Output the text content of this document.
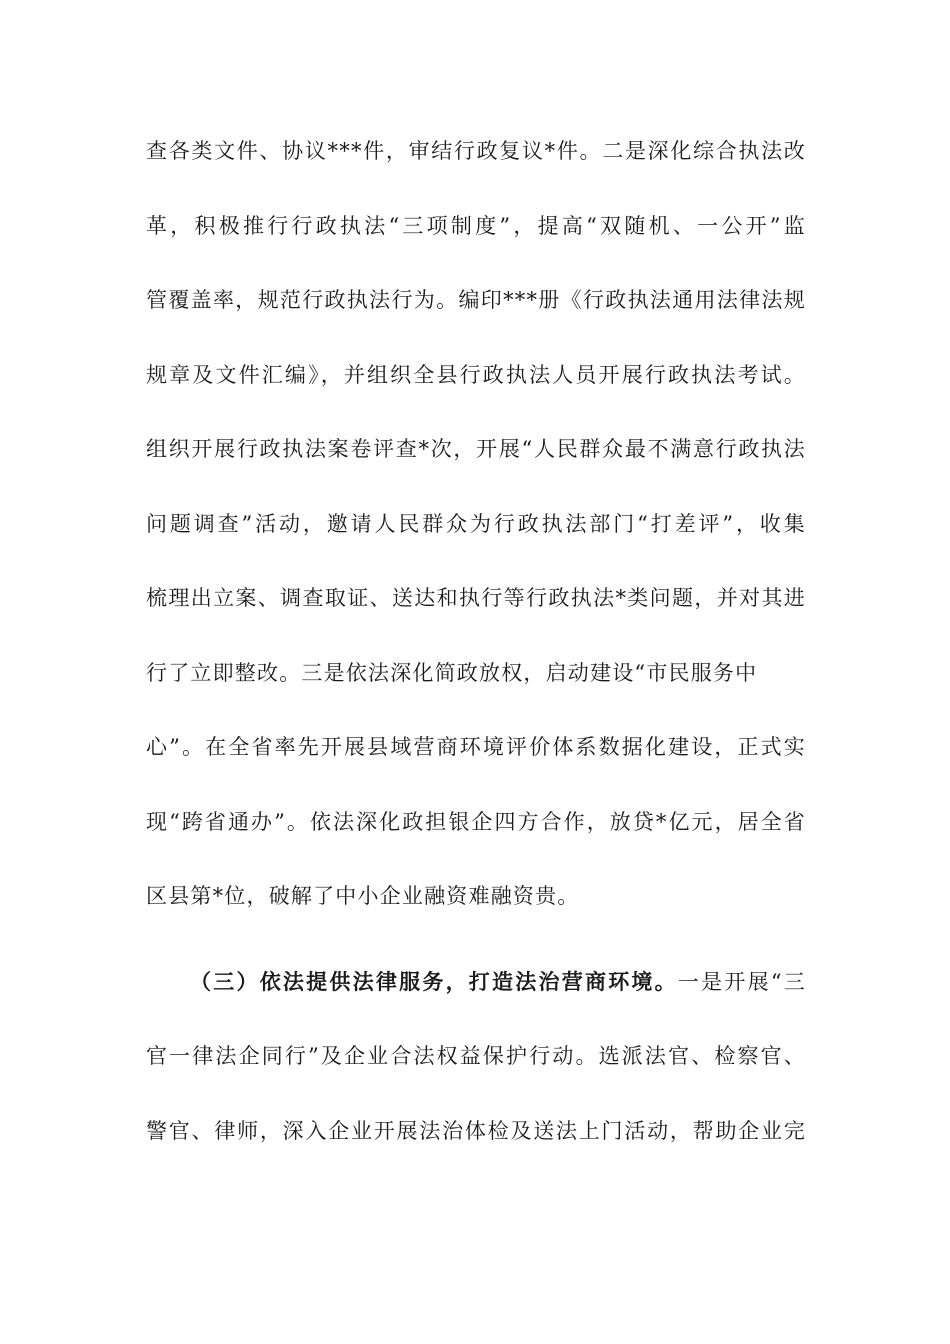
查各类文件、协议***件，审结行政复议*件。二是深化综合执法改
革，积极推行行政执法“三项制度”，提高“双随机、一公开”监
管覆盖率，规范行政执法行为。编印***册《行政执法通用法律法规
规章及文件汇编》，并组织全县行政执法人员开展行政执法考试。
组织开展行政执法案卷评查*次，开展“人民群众最不满意行政执法
问题调查”活动，邀请人民群众为行政执法部门“打差评”，收集
梳理出立案、调查取证、送达和执行等行政执法*类问题，并对其进
行了立即整改。三是依法深化简政放权，启动建设“市民服务中
心”。在全省率先开展县域营商环境评价体系数据化建设，正式实
现“跨省通办”。依法深化政担银企四方合作，放贷*亿元，居全省
区县第*位，破解了中小企业融资难融资贵。
（三）依法提供法律服务，打造法治营商环境。一是开展“三
官一律法企同行”及企业合法权益保护行动。选派法官、检察官、
警官、律师，深入企业开展法治体检及送法上门活动，帮助企业完
